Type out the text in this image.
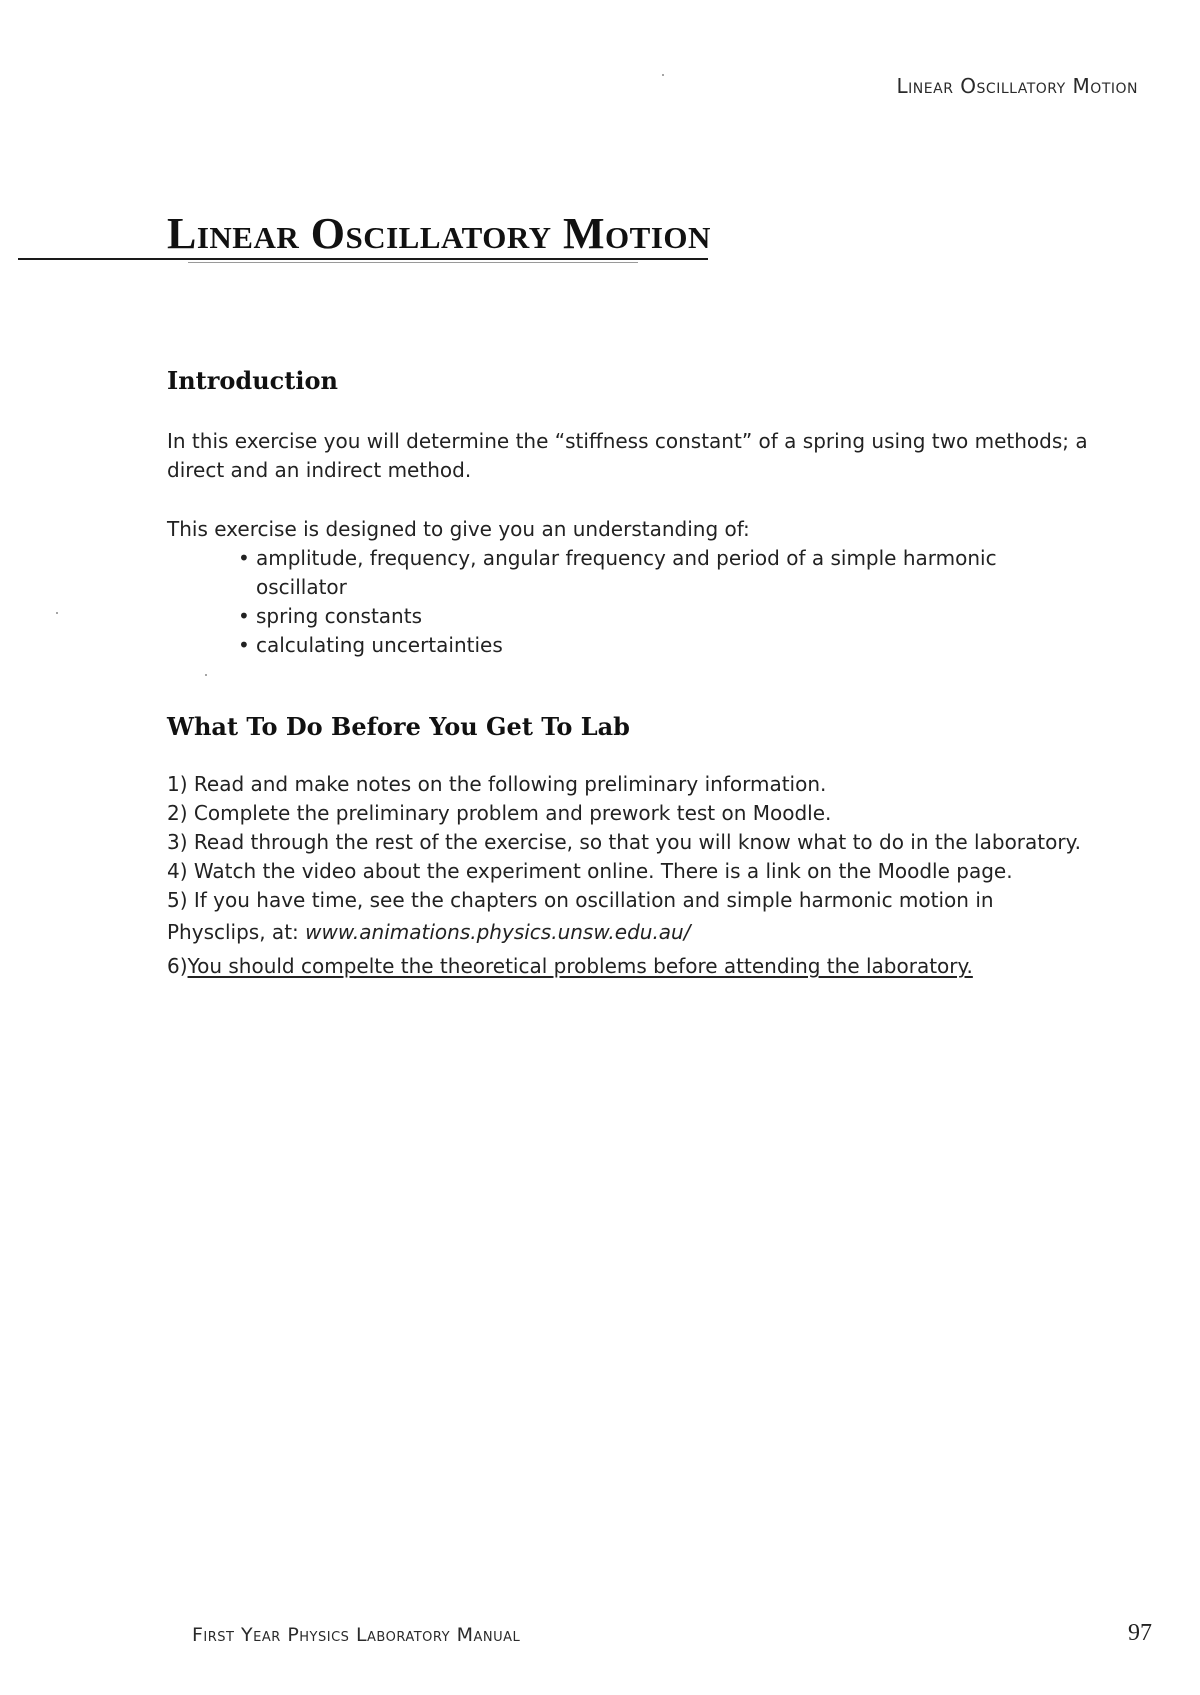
Linear Oscillatory Motion
Linear Oscillatory Motion
Introduction

In this exercise you will determine the “stiffness constant” of a spring using two methods; a direct and an indirect method.

This exercise is designed to give you an understanding of:

• amplitude, frequency, angular frequency and period of a simple harmonic oscillator
• spring constants
• calculating uncertainties
What To Do Before You Get To Lab
1) Read and make notes on the following preliminary information.
2) Complete the preliminary problem and prework test on Moodle.
3) Read through the rest of the exercise, so that you will know what to do in the laboratory.
4) Watch the video about the experiment online. There is a link on the Moodle page.
5) If you have time, see the chapters on oscillation and simple harmonic motion in
Physclips, at: www.animations.physics.unsw.edu.au/
6)You should compelte the theoretical problems before attending the laboratory.
First Year Physics Laboratory Manual	97
